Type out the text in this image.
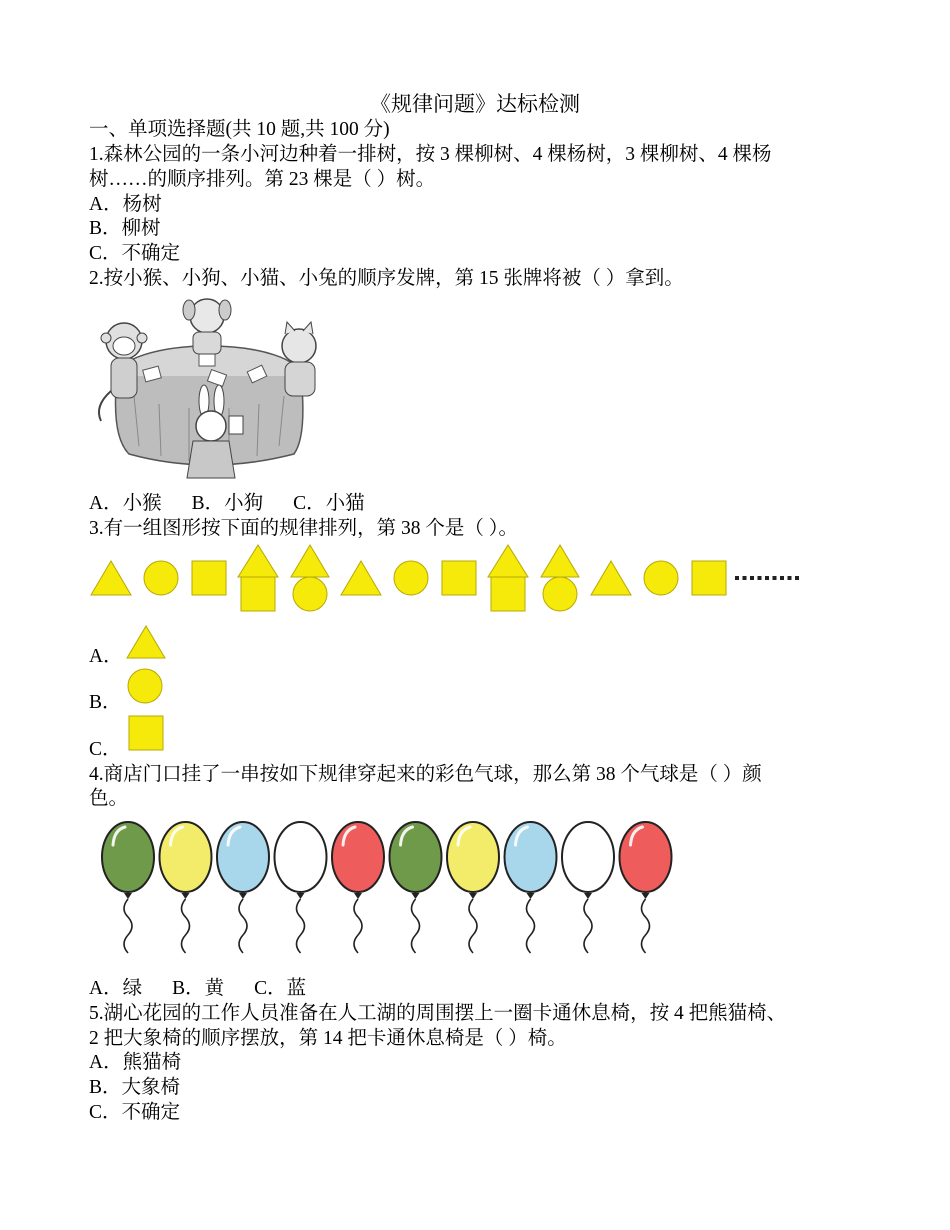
《规律问题》达标检测
一、单项选择题(共 10 题,共 100 分)
1.森林公园的一条小河边种着一排树，按 3 棵柳树、4 棵杨树，3 棵柳树、4 棵杨
树……的顺序排列。第 23 棵是（ ）树。
A．杨树
B．柳树
C．不确定
2.按小猴、小狗、小猫、小兔的顺序发牌，第 15 张牌将被（ ）拿到。
A．小猴 B．小狗 C．小猫
3.有一组图形按下面的规律排列，第 38 个是（ ）。
A．
B．
C．
4.商店门口挂了一串按如下规律穿起来的彩色气球，那么第 38 个气球是（ ）颜
色。
A．绿 B．黄 C．蓝
5.湖心花园的工作人员准备在人工湖的周围摆上一圈卡通休息椅，按 4 把熊猫椅、
2 把大象椅的顺序摆放，第 14 把卡通休息椅是（ ）椅。
A．熊猫椅
B．大象椅
C．不确定
